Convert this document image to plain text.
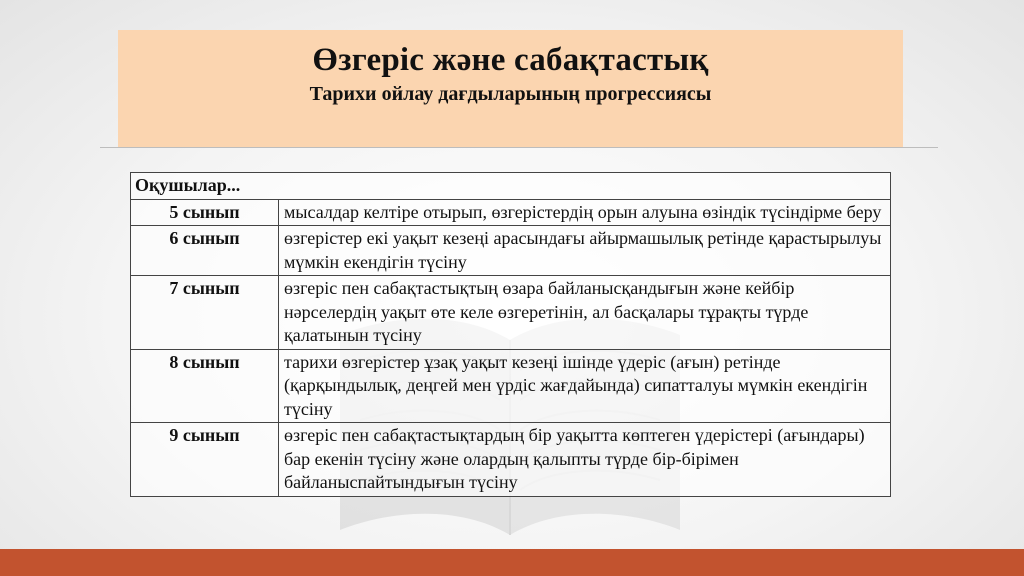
Өзгеріс және сабақтастық
Тарихи ойлау дағдыларының прогрессиясы
Оқушылар...	
5 сынып	мысалдар келтіре отырып, өзгерістердің орын алуына өзіндік түсіндірме беру
6 сынып	өзгерістер екі уақыт кезеңі арасындағы айырмашылық ретінде қарастырылуы мүмкін екендігін түсіну
7 сынып	өзгеріс пен сабақтастықтың өзара байланысқандығын және кейбір нәрселердің уақыт өте келе өзгеретінін, ал басқалары тұрақты түрде қалатынын түсіну
8 сынып	тарихи өзгерістер ұзақ уақыт кезеңі ішінде үдеріс (ағын) ретінде (қарқындылық, деңгей мен үрдіс жағдайында) сипатталуы мүмкін екендігін түсіну
9 сынып	өзгеріс пен сабақтастықтардың бір уақытта көптеген үдерістері (ағындары) бар екенін түсіну және олардың қалыпты түрде бір-бірімен байланыспайтындығын түсіну
